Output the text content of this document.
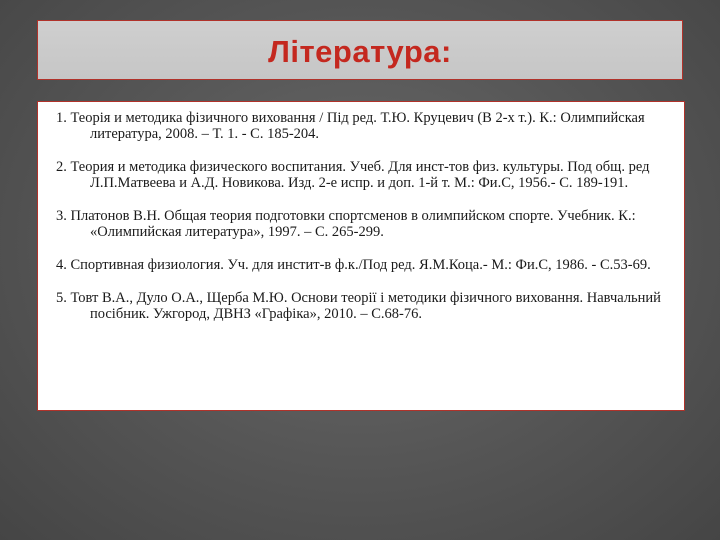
Література:
1. Теорія и методика фізичного виховання / Під ред. Т.Ю. Круцевич (В 2-х т.). К.: Олимпийская литература, 2008. – Т. 1. - С. 185-204.
2. Теория и методика физического воспитания. Учеб. Для инст-тов физ. культуры. Под общ. ред Л.П.Матвеева и А.Д. Новикова. Изд. 2-е испр. и доп. 1-й т. М.: Фи.С, 1956.- С. 189-191.
3. Платонов В.Н. Общая теория подготовки спортсменов в олимпийском спорте. Учебник. К.: «Олимпийская литература», 1997. – С. 265-299.
4. Спортивная физиология. Уч. для инстит-в ф.к./Под ред. Я.М.Коца.- М.: Фи.С, 1986. - С.53-69.
5. Товт В.А., Дуло О.А., Щерба М.Ю. Основи теорії і методики фізичного виховання. Навчальний посібник. Ужгород, ДВНЗ «Графіка», 2010. – С.68-76.
